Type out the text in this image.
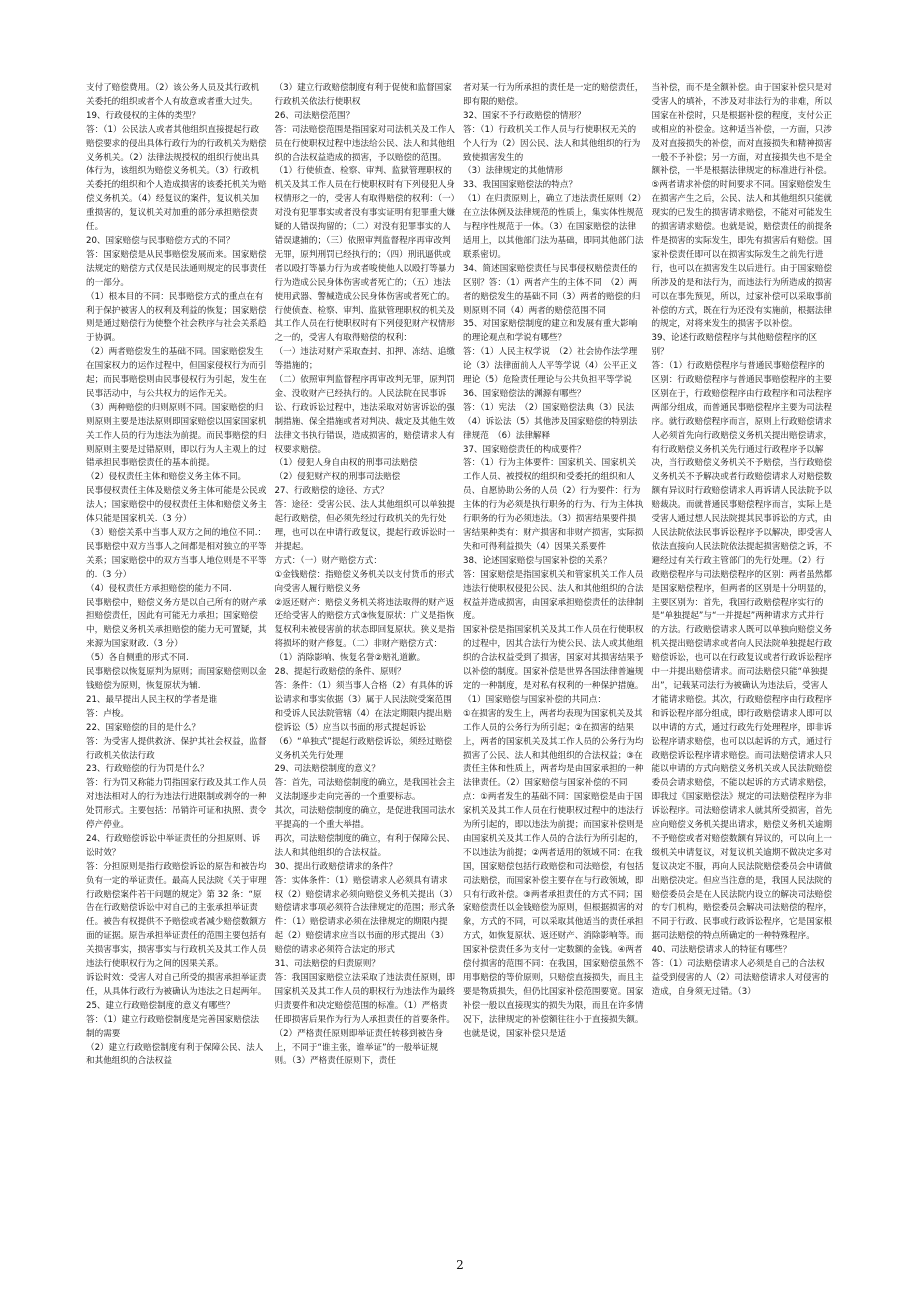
支付了赔偿费用。（2）该公务人员及其行政机关委托的组织或者个人有故意或者重大过失。

19、行政侵权的主体的类型？

答：（1）公民法人或者其他组织直接提起行政赔偿要求的侵出具体行政行为的行政机关为赔偿义务机关。（2）法律法规授权的组织行使出具体行为，该组织为赔偿义务机关。（3）行政机关委托的组织和个人造成损害的该委托机关为赔偿义务机关。（4）经复议的案件，复议机关加重损害的，复议机关对加重的部分承担赔偿责任。

20、国家赔偿与民事赔偿方式的不同？

答：国家赔偿是从民事赔偿发展而来。国家赔偿法规定的赔偿方式仅是民法通则规定的民事责任的一部分。

（1）根本目的不同：民事赔偿方式的重点在有利于保护被害人的权利及利益的恢复；国家赔偿则是通过赔偿行为使整个社会秩序与社会关系趋于协调。

（2）两者赔偿发生的基础不同。国家赔偿发生在国家权力的运作过程中，但国家侵权行为而引起；而民事赔偿则由民事侵权行为引起，发生在民事活动中，与公共权力的运作无关。

（3）两种赔偿的归则原则不同。国家赔偿的归则原则主要是违法原则即国家赔偿以国家国家机关工作人员的行为违法为前提。而民事赔偿的归则原则主要是过错原则，即以行为人主观上的过错承担民事赔偿责任的基本前提。

（2）侵权责任主体和赔偿义务主体不同。

民事侵权责任主体及赔偿义务主体可能是公民或法人；国家赔偿中的侵权责任主体和赔偿义务主体只能是国家机关.（3 分）

（3）赔偿关系中当事人双方之间的地位不同.：民事赔偿中双方当事人之间都是相对独立的平等关系；国家赔偿中的双方当事人地位则是不平等的.（3 分）

（4）侵权责任方承担赔偿的能力不同.

民事赔偿中，赔偿义务方是以自己所有的财产承担赔偿责任，因此有可能无力承担；国家赔偿中，赔偿义务机关承担赔偿的能力无可置疑，其来源为国家财政.（3 分）

（5）各自侧重的形式不同.

民事赔偿以恢复原判为原则；而国家赔偿则以金钱赔偿为原则，恢复原状为辅.

21、最早提出人民主权的学者是谁

答：卢梭。

22、国家赔偿的目的是什么？

答：为受害人提供救济、保护其社会权益，监督行政机关依法行政

23、行政赔偿的行为罚是什么？

答：行为罚又称能力罚指国家行政及其工作人员对违法相对人的行为违法行进限制或剥夺的一种处罚形式。主要包括：吊销许可证和执照、责令停产停业。

24、行政赔偿诉讼中举证责任的分担原则、诉讼时效？

答：分担原则是指行政赔偿诉讼的原告和被告均负有一定的举证责任。最高人民法院《关于审理行政赔偿案件若干问题的规定》第 32 条：“原告在行政赔偿诉讼中对自己的主张承担举证责任。被告有权提供不予赔偿或者减少赔偿数额方面的证据。原告承担举证责任的范围主要包括有关损害事实，损害事实与行政机关及其工作人员违法行使职权行为之间的因果关系。

诉讼时效：受害人对自己所受的损害承担举证责任，从具体行政行为被确认为违法之日起两年。

25、建立行政赔偿制度的意义有哪些？

答：（1）建立行政赔偿制度是完善国家赔偿法制的需要

（2）建立行政赔偿制度有利于保障公民、法人和其他组织的合法权益

（3）建立行政赔偿制度有利于促使和监督国家行政机关依法行使职权

26、司法赔偿范围？

答：司法赔偿范围是指国家对司法机关及工作人员在行使职权过程中违法给公民、法人和其他组织的合法权益造成的损害，予以赔偿的范围。（1）行使侦查、检察、审判、监狱管理职权的机关及其工作人员在行使职权时有下列侵犯人身权情形之一的，受害人有取得赔偿的权利：（一）对没有犯罪事实或者没有事实证明有犯罪重大嫌疑的人错误拘留的；（二）对没有犯罪事实的人错误逮捕的；（三）依照审判监督程序再审改判无罪，原判刑罚已经执行的；（四）刑讯逼供或者以殴打等暴力行为或者唆使他人以殴打等暴力行为造成公民身体伤害或者死亡的；（五）违法使用武器、警械造成公民身体伤害或者死亡的。

行使侦查、检察、审判、监狱管理职权的机关及其工作人员在行使职权时有下列侵犯财产权情形之一的，受害人有取得赔偿的权利：

（一）违法对财产采取查封、扣押、冻结、追缴等措施的；

（二）依照审判监督程序再审改判无罪，原判罚金、没收财产已经执行的。人民法院在民事诉讼、行政诉讼过程中，违法采取对妨害诉讼的强制措施、保全措施或者对判决、裁定及其他生效法律文书执行错误，造成损害的，赔偿请求人有权要求赔偿。

（1）侵犯人身自由权的刑事司法赔偿

（2）侵犯财产权的刑事司法赔偿

27、行政赔偿的途径、方式？

答：途径：受害公民、法人其他组织可以单独提起行政赔偿，但必须先经过行政机关的先行处理，也可以在申请行政复议，提起行政诉讼时一并提起。

方式：（一）财产赔偿方式：

①金钱赔偿：指赔偿义务机关以支付货币的形式向受害人履行赔偿义务

②返还财产：赔偿义务机关将违法取得的财产返还给受害人的赔偿方式③恢复原状：广义是指恢复权利未被侵害前的状态即回复原状。狭义是指将损坏的财产修复。（二）非财产赔偿方式：（1）消除影响、恢复名誉②赔礼道歉。

28、提起行政赔偿的条件、原则？

答：条件：（1）须当事人合格（2）有具体的诉讼请求和事实依据（3）属于人民法院受案范围和受诉人民法院管辖（4）在法定期限内提出赔偿诉讼（5）应当以书面的形式提起诉讼（6）“单独式”提起行政赔偿诉讼，须经过赔偿义务机关先行处理

29、司法赔偿制度的意义？

答：首先，司法赔偿制度的确立，是我国社会主义法制逐步走向完善的一个重要标志。

其次，司法赔偿制度的确立，是促进我国司法水平提高的一个重大举措。

再次，司法赔偿制度的确立，有利于保障公民、法人和其他组织的合法权益。

30、提出行政赔偿请求的条件？

答：实体条件：（1）赔偿请求人必须具有请求权（2）赔偿请求必须向赔偿义务机关提出（3）赔偿请求事项必须符合法律规定的范围；形式条件：（1）赔偿请求必须在法律规定的期限内提起（2）赔偿请求应当以书面的形式提出（3）赔偿的请求必须符合法定的形式

31、司法赔偿的归责原则？

答：我国国家赔偿立法采取了违法责任原则，即国家机关及其工作人员的职权行为违法作为最终归责要件和决定赔偿范围的标准。（1）严格责任即损害后果作为行为人承担责任的首要条件。（2）严格责任原则即举证责任转移到被告身上，不同于“谁主张，谁举证”的一般举证规则。（3）严格责任原则下，责任

者对某一行为所承担的责任是一定的赔偿责任，即有限的赔偿。

32、国家不予行政赔偿的情形？

答：（1）行政机关工作人员与行使职权无关的个人行为（2）因公民、法人和其他组织的行为致使损害发生的

（3）法律规定的其他情形

33、我国国家赔偿法的特点？

（1）在归责原则上，确立了违法责任原则（2）在立法体例及法律规范的性质上，集实体性规范与程序性规范于一体。（3）在国家赔偿的法律适用上，以其他部门法为基础，即同其他部门法联系密切。

34、简述国家赔偿责任与民事侵权赔偿责任的区别？答：（1）两者产生的主体不同　（2）两者的赔偿发生的基础不同（3）两者的赔偿的归则原则不同（4）两者的赔偿范围不同

35、对国家赔偿制度的建立和发展有重大影响的理论观点和学说有哪些？

答：（1）人民主权学说　（2）社会协作法学理论（3）法律面前人人平等学说（4）公平正义理论（5）危险责任理论与公共负担平等学说

36、国家赔偿法的渊源有哪些？

答：（1）宪法　（2）国家赔偿法典（3）民法　（4）诉讼法（5）其他涉及国家赔偿的特别法律规范　（6）法律解释

37、国家赔偿责任的构成要件？

答：（1）行为主体要件：国家机关、国家机关工作人员、被授权的组织和受委托的组织和人员、自愿协助公务的人员（2）行为要件：行为主体的行为必须是执行职务的行为、行为主体执行职务的行为必须违法。（3）损害结果要件损害结果种类有：财产损害和非财产损害，实际损失和可得利益损失（4）因果关系要件

38、论述国家赔偿与国家补偿的关系？

答：国家赔偿是指国家机关和管家机关工作人员违法行使职权侵犯公民、法人和其他组织的合法权益并造成损害，由国家承担赔偿责任的法律制度。

国家补偿是指国家机关及其工作人员在行使职权的过程中，因其合法行为使公民、法人或其他组织的合法权益受到了损害，国家对其损害结果予以补偿的制度。国家补偿是世界各国法律普遍规定的一种制度，是对私有权利的一种保护措施。（1）国家赔偿与国家补偿的共同点：

①在损害的发生上，两者均表现为国家机关及其工作人员的公务行为所引起；②在损害的结果上，两者的国家机关及其工作人员的公务行为均损害了公民、法人和其他组织的合法权益；③在责任主体和性质上，两者均是由国家承担的一种法律责任。（2）国家赔偿与国家补偿的不同点：①两者发生的基础不同：国家赔偿是由于国家机关及其工作人员在行使职权过程中的违法行为所引起的，即以违法为前提；而国家补偿则是由国家机关及其工作人员的合法行为所引起的，不以违法为前提；②两者适用的领域不同：在我国，国家赔偿包括行政赔偿和司法赔偿，有包括司法赔偿，而国家补偿主要存在与行政领域，即只有行政补偿。③两者承担责任的方式不同；国家赔偿责任以金钱赔偿为原则，但根据损害的对象，方式的不同，可以采取其他适当的责任承担方式，如恢复原状、返还财产、消除影响等。而国家补偿责任多为支付一定数额的金钱。④两者偿付损害的范围不同：在我国，国家赔偿虽然不用事赔偿的等价原则，只赔偿直接损失，而且主要是物质损失，但仍比国家补偿范围要宽。国家补偿一般以直接现实的损失为限，而且在许多情况下，法律规定的补偿额往往小于直接损失额。也就是说，国家补偿只是适

当补偿，而不是全额补偿。由于国家补偿只是对受害人的填补，不涉及对非法行为的非难，所以国家在补偿时，只是根据补偿的程度，支付公正或相应的补偿金。这种适当补偿，一方面，只涉及对直接损失的补偿，而对直接损失和精神损害一般不予补偿；另一方面，对直接损失也不是全额补偿，一半是根据法律规定的标准进行补偿。⑤两者请求补偿的时间要求不同。国家赔偿发生在损害产生之后，公民、法人和其他组织只能就现实的已发生的损害请求赔偿，不能对可能发生的损害请求赔偿。也就是说，赔偿责任的前提条件是损害的实际发生，即先有损害后有赔偿。国家补偿责任即可以在损害实际发生之前先行进行，也可以在损害发生以后进行。由于国家赔偿所涉及的是和法行为，而违法行为所造成的损害可以在事先预见，所以，过家补偿可以采取事前补偿的方式，既在行为还没有实施前，根据法律的规定，对将来发生的损害予以补偿。

39、论述行政赔偿程序与其他赔偿程序的区别？

答：（1）行政赔偿程序与普通民事赔偿程序的区别：行政赔偿程序与普通民事赔偿程序的主要区别在于，行政赔偿程序由行政程序和司法程序两部分组成，而普通民事赔偿程序主要为司法程序。就行政赔偿程序而言，原则上行政赔偿请求人必须首先向行政赔偿义务机关提出赔偿请求，有行政赔偿义务机关先行通过行政程序予以解决，当行政赔偿义务机关不予赔偿，当行政赔偿义务机关不予解决或者行政赔偿请求人对赔偿数额有异议时行政赔偿请求人再诉请人民法院予以赔裁决。而就普通民事赔偿程序而言，实际上是受害人通过想人民法院提其民事诉讼的方式，由人民法院依法民事诉讼程序予以解决，即受害人依法直接向人民法院依法提起损害赔偿之诉，不避经过有关行政主管部门的先行处理。（2）行政赔偿程序与司法赔偿程序的区别：两者虽然都是国家赔偿程序，但两者的区别是十分明显的，主要区别为：首先，我国行政赔偿程序实行的是“单独提起”与“一并提起”两种请求方式并行的方法。行政赔偿请求人既可以单独向赔偿义务机关提出赔偿请求或者向人民法院单独提起行政赔偿诉讼，也可以在行政复议或者行政诉讼程序中一并提出赔偿请求。而司法赔偿只能“单独提出”，记载某司法行为被确认为违法后，受害人才能请求赔偿。其次，行政赔偿程序由行政程序和诉讼程序部分组成，即行政赔偿请求人即可以以申请的方式，通过行政先行处理程序，即非诉讼程序请求赔偿，也可以以起诉的方式，通过行政赔偿诉讼程序请求赔偿。而司法赔偿请求人只能以申请的方式向赔偿义务机关或人民法院赔偿委员会请求赔偿，不能以起诉的方式请求赔偿，即我过《国家赔偿法》规定的司法赔偿程序为非诉讼程序。司法赔偿请求人就其所受损害，首先应向赔偿义务机关提出请求，赔偿义务机关逾期不予赔偿或者对赔偿数额有异议的，可以向上一级机关申请复议，对复议机关逾期不做决定多对复议决定不服，再向人民法院赔偿委员会申请做出赔偿决定。但应当注意的是，我国人民法院的赔偿委员会是在人民法院内设立的解决司法赔偿的专门机构，赔偿委员会解决司法赔偿的程序，不同于行政、民事或行政诉讼程序，它是国家根据司法赔偿的特点所确定的一种特殊程序。

40、司法赔偿请求人的特征有哪些？

答：（1）司法赔偿请求人必须是自己的合法权益受到侵害的人（2）司法赔偿请求人对侵害的造成，自身须无过错。（3）

2
